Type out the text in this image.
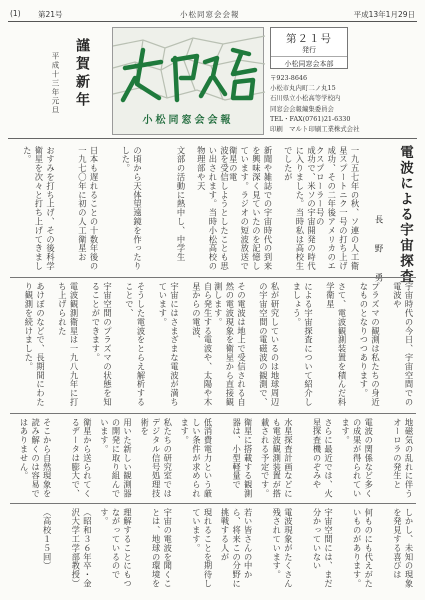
(1) 第21号	小松同窓会会報	平成13年1月29日
謹賀新年
平成十三年元旦
小松同窓会会報
第２１号
発行
小松同窓会本部
〒923-8646
小松市丸内町二ノ丸15
石川県立小松高等学校内
同窓会会報編集委員会
TEL・FAX(0761)21-6330
印刷　マルト印刷工業株式会社
電波による宇宙探査
長　野　勇
一九五七年の秋、ソ連の人工衛星スプートニク一号の打ち上げ成功、その二年後アメリカのエクスプローラー号の
成功で、米ソの宇宙開発の時代に入りました。当時私は高校生でしたが
新聞や雑誌での宇宙時代の到来を興味深く見ていたのを記憶しています。ラジオの短波放送で衛星の電
波を受信しようとしたことも思い出されます。当時小松高校の物理部や天
文部の活動に熱中し、中学生
の頃から天体望遠鏡を作ったりした。
日本も遅れることの十数年後の一九七〇年に初の人工衛星お
おすみを打ち上げ、その後科学衛星を次々と打ち上げてきました。
宇宙時代の今日、宇宙空間での電波や
プラズマの観測は私たちの身近なものとなりつつあります。
さて、電波観測装置を積んだ科学衛星
による宇宙探査について紹介しましょう。
私が研究しているのは地球周辺の宇宙空間の電磁波の観測で、
その電波は地上で受信される自然の電波現象を衛星から直接観測します。
自ら発生する電波や、太陽や木星からの電波、
宇宙にはさまざまな電波が満ちています。
そうした電波をとらえ解析することで、
宇宙空間のプラズマの状態を知ることができます。
電波観測衛星は一九八九年に打ち上げられた
あけぼのなどで、長期間にわたり観測を続けました。
地磁気の乱れに伴うオーロラの発生と
電波の関係など多くの成果が得られています。
さらに最近では、火星探査機のぞみや
水星探査計画などにも電波観測装置が搭載される予定です。
衛星に搭載する観測器は、小型軽量で
低消費電力という厳しい条件が求められます。
私たちの研究室ではデジタル信号処理技術を
用いた新しい観測器の開発に取り組んでいます。
衛星から送られてくるデータは膨大で、
そこから自然現象を読み解くのは容易ではありません。
しかし、未知の現象を発見する喜びは
何ものにも代えがたいものがあります。
宇宙空間には、まだ分かっていない
電波現象がたくさん残されています。
若い皆さんの中から、将来この分野に挑戦する人が
現れることを期待しています。
宇宙の電波を聞くことは、地球の環境を
理解することにもつながっているのです。
（昭和３６年卒・金沢大学工学部教授）
（高校１５回）
